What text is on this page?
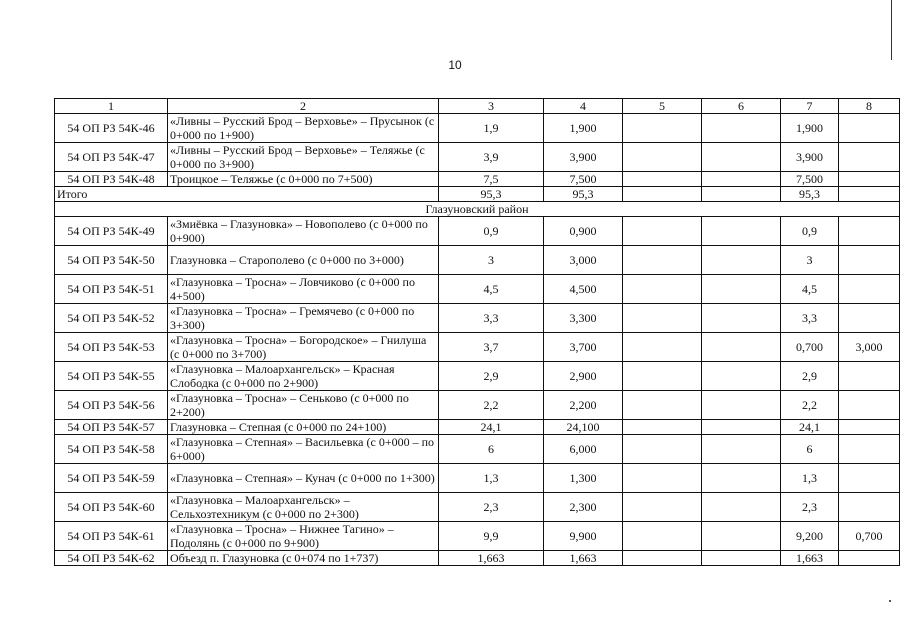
10
1	2	3	4	5	6	7	8
54 ОП РЗ 54К-46	«Ливны – Русский Брод – Верховье» – Прусынок (с 0+000 по 1+900)	1,9	1,900			1,900	
54 ОП РЗ 54К-47	«Ливны – Русский Брод – Верховье» – Теляжье (с 0+000 по 3+900)	3,9	3,900			3,900	
54 ОП РЗ 54К-48	Троицкое – Теляжье (с 0+000 по 7+500)	7,5	7,500			7,500	
Итого		95,3	95,3			95,3	
Глазуновский район							
54 ОП РЗ 54К-49	«Змиёвка – Глазуновка» – Новополево (с 0+000 по 0+900)	0,9	0,900			0,9	
54 ОП РЗ 54К-50	Глазуновка – Старополево (с 0+000 по 3+000)	3	3,000			3	
54 ОП РЗ 54К-51	«Глазуновка – Тросна» – Ловчиково (с 0+000 по 4+500)	4,5	4,500			4,5	
54 ОП РЗ 54К-52	«Глазуновка – Тросна» – Гремячево (с 0+000 по 3+300)	3,3	3,300			3,3	
54 ОП РЗ 54К-53	«Глазуновка – Тросна» – Богородское» – Гнилуша (с 0+000 по 3+700)	3,7	3,700			0,700	3,000
54 ОП РЗ 54К-55	«Глазуновка – Малоархангельск» – Красная Слободка (с 0+000 по 2+900)	2,9	2,900			2,9	
54 ОП РЗ 54К-56	«Глазуновка – Тросна» – Сеньково (с 0+000 по 2+200)	2,2	2,200			2,2	
54 ОП РЗ 54К-57	Глазуновка – Степная (с 0+000 по 24+100)	24,1	24,100			24,1	
54 ОП РЗ 54К-58	«Глазуновка – Степная» – Васильевка (с 0+000 – по 6+000)	6	6,000			6	
54 ОП РЗ 54К-59	«Глазуновка – Степная» – Кунач (с 0+000 по 1+300)	1,3	1,300			1,3	
54 ОП РЗ 54К-60	«Глазуновка – Малоархангельск» – Сельхозтехникум (с 0+000 по 2+300)	2,3	2,300			2,3	
54 ОП РЗ 54К-61	«Глазуновка – Тросна» – Нижнее Тагино» – Подолянь (с 0+000 по 9+900)	9,9	9,900			9,200	0,700
54 ОП РЗ 54К-62	Объезд п. Глазуновка (с 0+074 по 1+737)	1,663	1,663			1,663	
